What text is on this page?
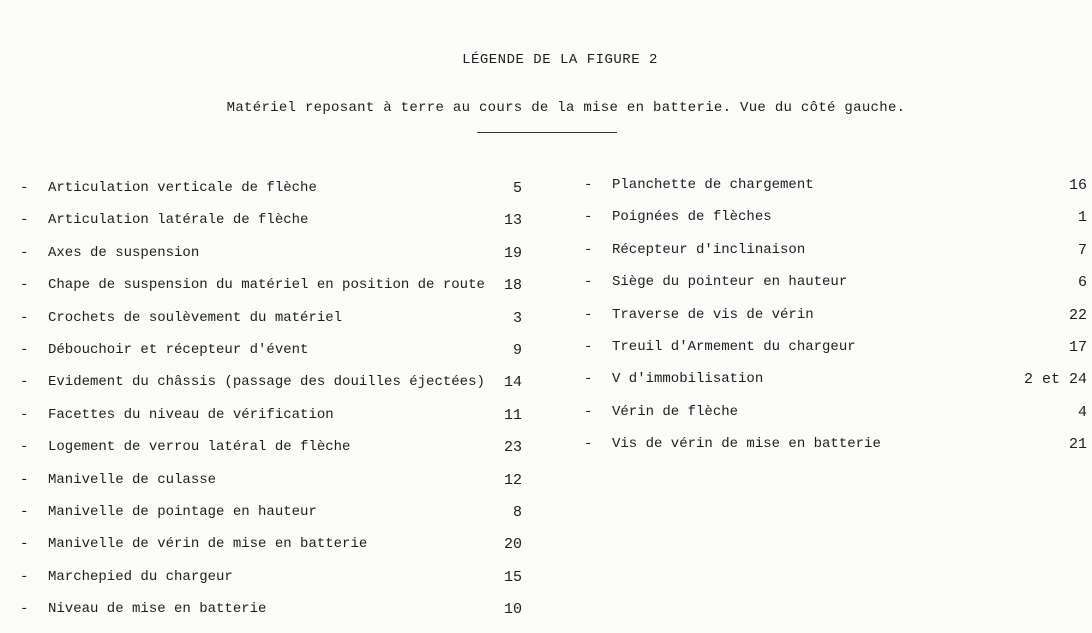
LÉGENDE DE LA FIGURE 2
Matériel reposant à terre au cours de la mise en batterie. Vue du côté gauche.
- Articulation verticale de flèche	5
- Articulation latérale de flèche	13
- Axes de suspension	19
- Chape de suspension du matériel en position de route 18
- Crochets de soulèvement du matériel	3
- Débouchoir et récepteur d'évent	9
- Evidement du châssis (passage des douilles éjectées) 14
- Facettes du niveau de vérification	11
- Logement de verrou latéral de flèche	23
- Manivelle de culasse	12
- Manivelle de pointage en hauteur	8
- Manivelle de vérin de mise en batterie	20
- Marchepied du chargeur	15
- Niveau de mise en batterie	10
- Planchette de chargement	16
- Poignées de flèches	1
- Récepteur d'inclinaison	7
- Siège du pointeur en hauteur	6
- Traverse de vis de vérin	22
- Treuil d'Armement du chargeur	17
- V d'immobilisation	2 et 24
- Vérin de flèche	4
- Vis de vérin de mise en batterie	21
